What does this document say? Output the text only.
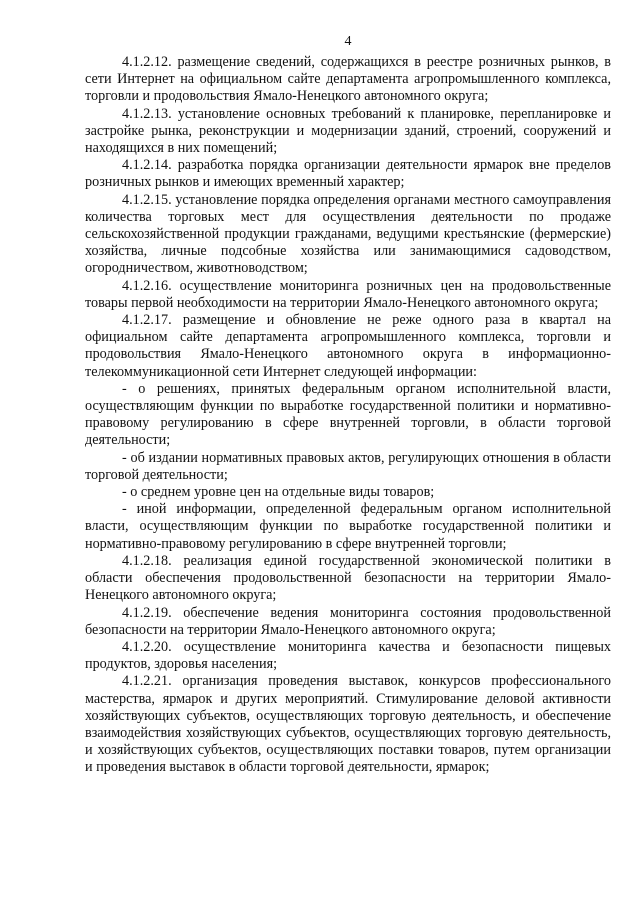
4

4.1.2.12. размещение сведений, содержащихся в реестре розничных рынков, в сети Интернет на официальном сайте департамента агропромышленного комплекса, торговли и продовольствия Ямало-Ненецкого автономного округа;

4.1.2.13. установление основных требований к планировке, перепланировке и застройке рынка, реконструкции и модернизации зданий, строений, сооружений и находящихся в них помещений;

4.1.2.14. разработка порядка организации деятельности ярмарок вне пределов розничных рынков и имеющих временный характер;

4.1.2.15. установление порядка определения органами местного самоуправления количества торговых мест для осуществления деятельности по продаже сельскохозяйственной продукции гражданами, ведущими крестьянские (фермерские) хозяйства, личные подсобные хозяйства или занимающимися садоводством, огородничеством, животноводством;

4.1.2.16. осуществление мониторинга розничных цен на продовольственные товары первой необходимости на территории Ямало-Ненецкого автономного округа;

4.1.2.17. размещение и обновление не реже одного раза в квартал на официальном сайте департамента агропромышленного комплекса, торговли и продовольствия Ямало-Ненецкого автономного округа в информационно-телекоммуникационной сети Интернет следующей информации:

- о решениях, принятых федеральным органом исполнительной власти, осуществляющим функции по выработке государственной политики и нормативно-правовому регулированию в сфере внутренней торговли, в области торговой деятельности;

- об издании нормативных правовых актов, регулирующих отношения в области торговой деятельности;

- о среднем уровне цен на отдельные виды товаров;

- иной информации, определенной федеральным органом исполнительной власти, осуществляющим функции по выработке государственной политики и нормативно-правовому регулированию в сфере внутренней торговли;

4.1.2.18. реализация единой государственной экономической политики в области обеспечения продовольственной безопасности на территории Ямало-Ненецкого автономного округа;

4.1.2.19. обеспечение ведения мониторинга состояния продовольственной безопасности на территории Ямало-Ненецкого автономного округа;

4.1.2.20. осуществление мониторинга качества и безопасности пищевых продуктов, здоровья населения;

4.1.2.21. организация проведения выставок, конкурсов профессионального мастерства, ярмарок и других мероприятий. Стимулирование деловой активности хозяйствующих субъектов, осуществляющих торговую деятельность, и обеспечение взаимодействия хозяйствующих субъектов, осуществляющих торговую деятельность, и хозяйствующих субъектов, осуществляющих поставки товаров, путем организации и проведения выставок в области торговой деятельности, ярмарок;
